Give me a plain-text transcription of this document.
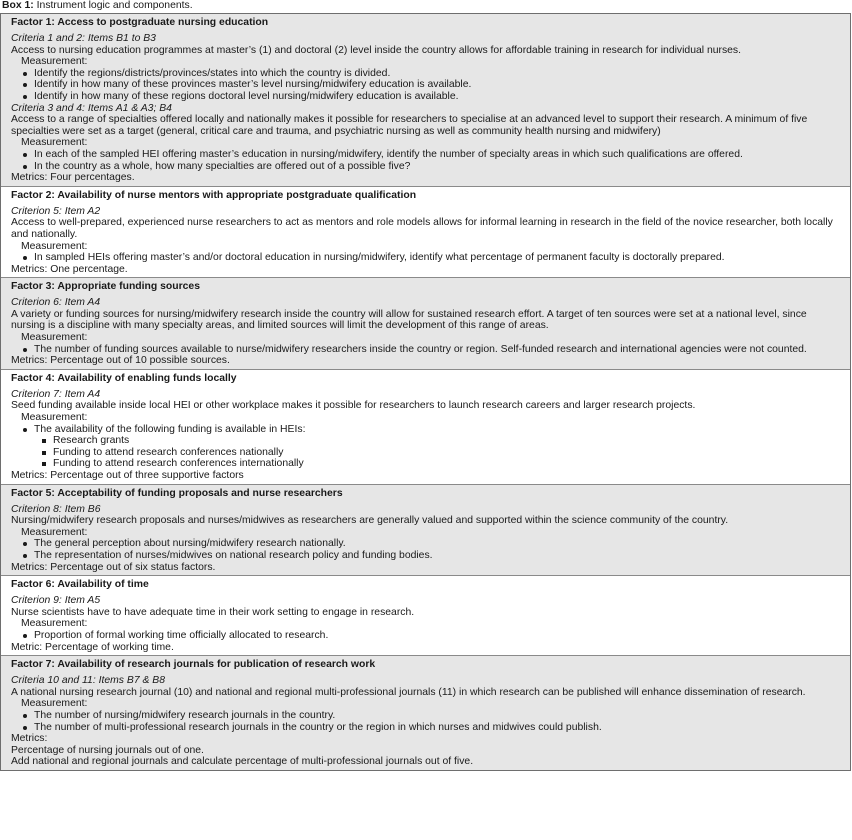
Box 1: Instrument logic and components.
Factor 1: Access to postgraduate nursing education
Criteria 1 and 2: Items B1 to B3
Access to nursing education programmes at master’s (1) and doctoral (2) level inside the country allows for affordable training in research for individual nurses.
Measurement:
Identify the regions/districts/provinces/states into which the country is divided.
Identify in how many of these provinces master’s level nursing/midwifery education is available.
Identify in how many of these regions doctoral level nursing/midwifery education is available.
Criteria 3 and 4: Items A1 & A3; B4
Access to a range of specialties offered locally and nationally makes it possible for researchers to specialise at an advanced level to support their research. A minimum of five specialties were set as a target (general, critical care and trauma, and psychiatric nursing as well as community health nursing and midwifery)
Measurement:
In each of the sampled HEI offering master’s education in nursing/midwifery, identify the number of specialty areas in which such qualifications are offered.
In the country as a whole, how many specialties are offered out of a possible five?
Metrics: Four percentages.
Factor 2: Availability of nurse mentors with appropriate postgraduate qualification
Criterion 5: Item A2
Access to well-prepared, experienced nurse researchers to act as mentors and role models allows for informal learning in research in the field of the novice researcher, both locally and nationally.
Measurement:
In sampled HEIs offering master’s and/or doctoral education in nursing/midwifery, identify what percentage of permanent faculty is doctorally prepared.
Metrics: One percentage.
Factor 3: Appropriate funding sources
Criterion 6: Item A4
A variety or funding sources for nursing/midwifery research inside the country will allow for sustained research effort. A target of ten sources were set at a national level, since nursing is a discipline with many specialty areas, and limited sources will limit the development of this range of areas.
Measurement:
The number of funding sources available to nurse/midwifery researchers inside the country or region. Self-funded research and international agencies were not counted.
Metrics: Percentage out of 10 possible sources.
Factor 4: Availability of enabling funds locally
Criterion 7: Item A4
Seed funding available inside local HEI or other workplace makes it possible for researchers to launch research careers and larger research projects.
Measurement:
The availability of the following funding is available in HEIs:
Research grants
Funding to attend research conferences nationally
Funding to attend research conferences internationally
Metrics: Percentage out of three supportive factors
Factor 5: Acceptability of funding proposals and nurse researchers
Criterion 8: Item B6
Nursing/midwifery research proposals and nurses/midwives as researchers are generally valued and supported within the science community of the country.
Measurement:
The general perception about nursing/midwifery research nationally.
The representation of nurses/midwives on national research policy and funding bodies.
Metrics: Percentage out of six status factors.
Factor 6: Availability of time
Criterion 9: Item A5
Nurse scientists have to have adequate time in their work setting to engage in research.
Measurement:
Proportion of formal working time officially allocated to research.
Metric: Percentage of working time.
Factor 7: Availability of research journals for publication of research work
Criteria 10 and 11: Items B7 & B8
A national nursing research journal (10) and national and regional multi-professional journals (11) in which research can be published will enhance dissemination of research.
Measurement:
The number of nursing/midwifery research journals in the country.
The number of multi-professional research journals in the country or the region in which nurses and midwives could publish.
Metrics:
Percentage of nursing journals out of one.
Add national and regional journals and calculate percentage of multi-professional journals out of five.
